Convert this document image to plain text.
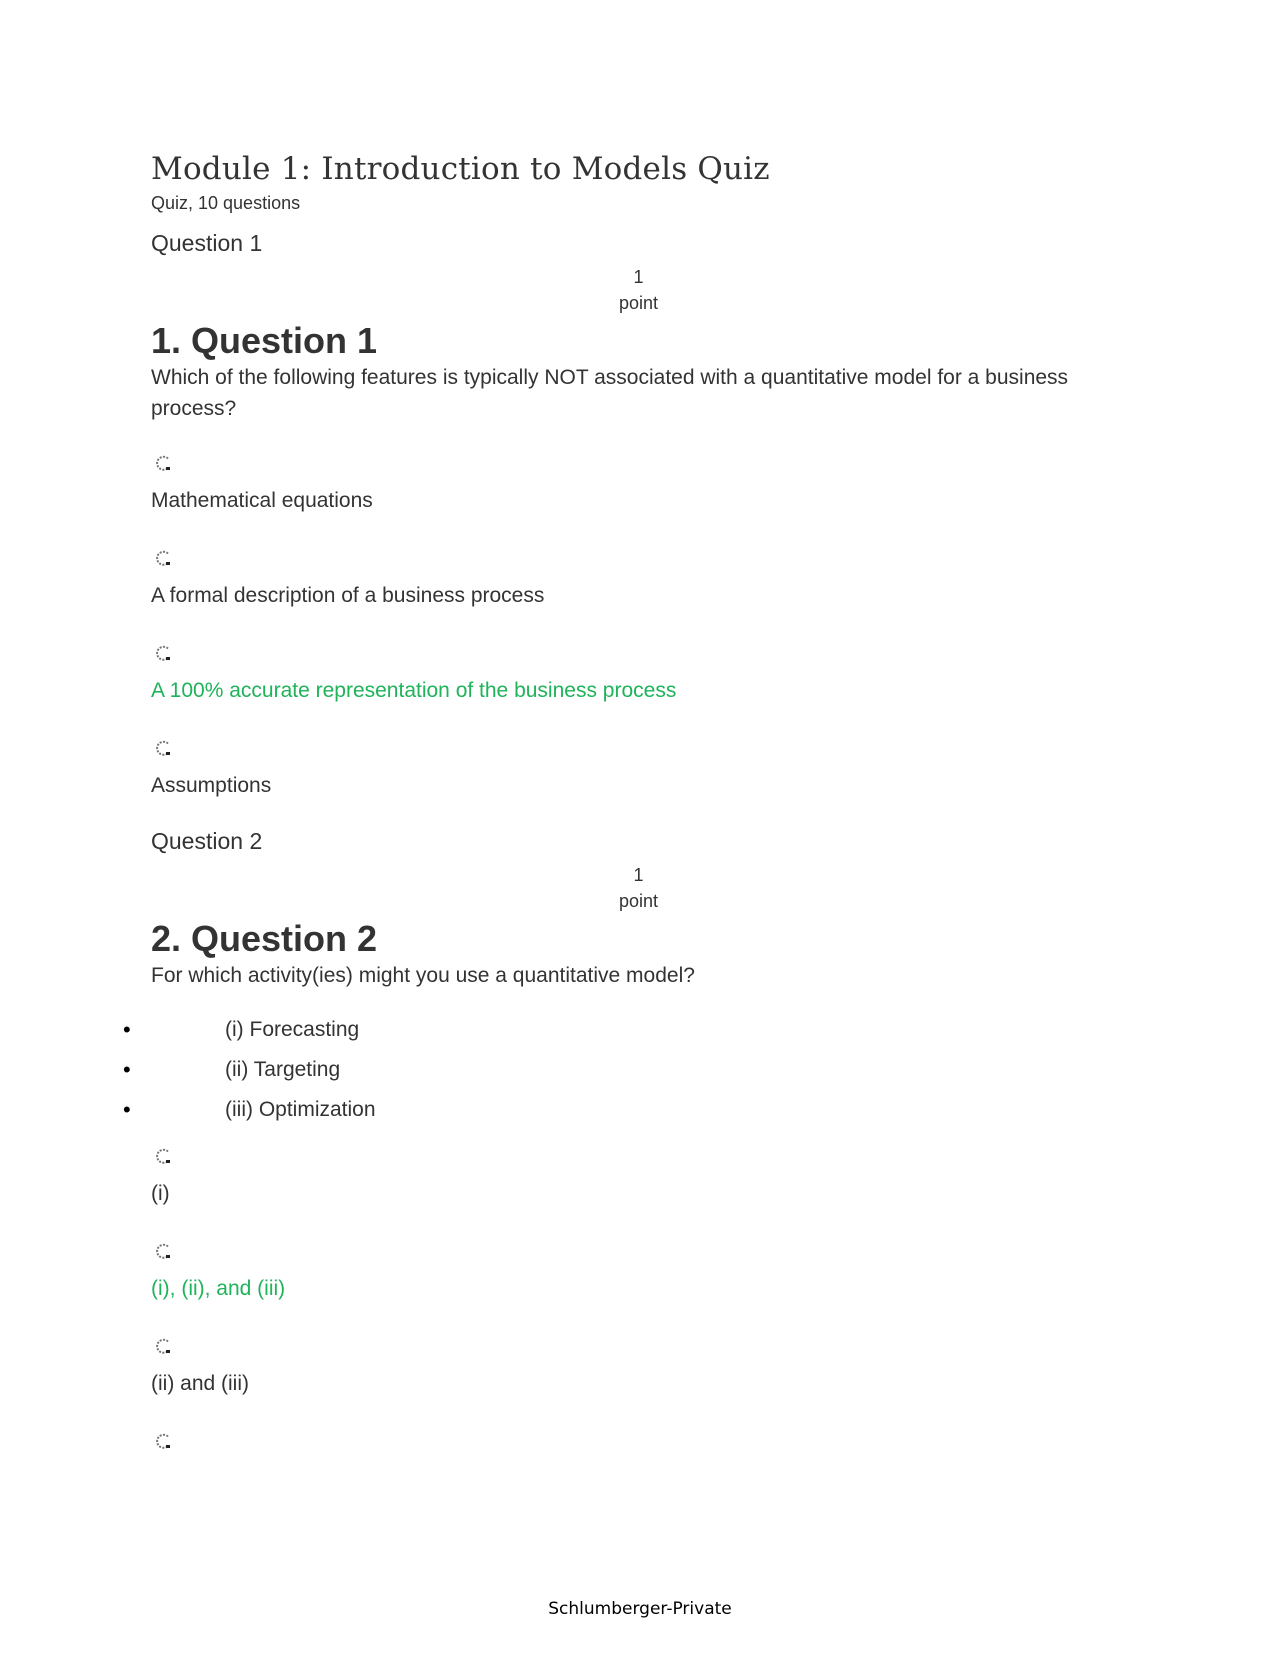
Module 1: Introduction to Models Quiz

Quiz, 10 questions

Question 1

1
point
1. Question 1

Which of the following features is typically NOT associated with a quantitative model for a business process?

Mathematical equations

A formal description of a business process

A 100% accurate representation of the business process

Assumptions

Question 2

1
point
2. Question 2

For which activity(ies) might you use a quantitative model?

•	(i) Forecasting
•	(ii) Targeting
•	(iii) Optimization

(i)

(i), (ii), and (iii)

(ii) and (iii)

Schlumberger-Private
